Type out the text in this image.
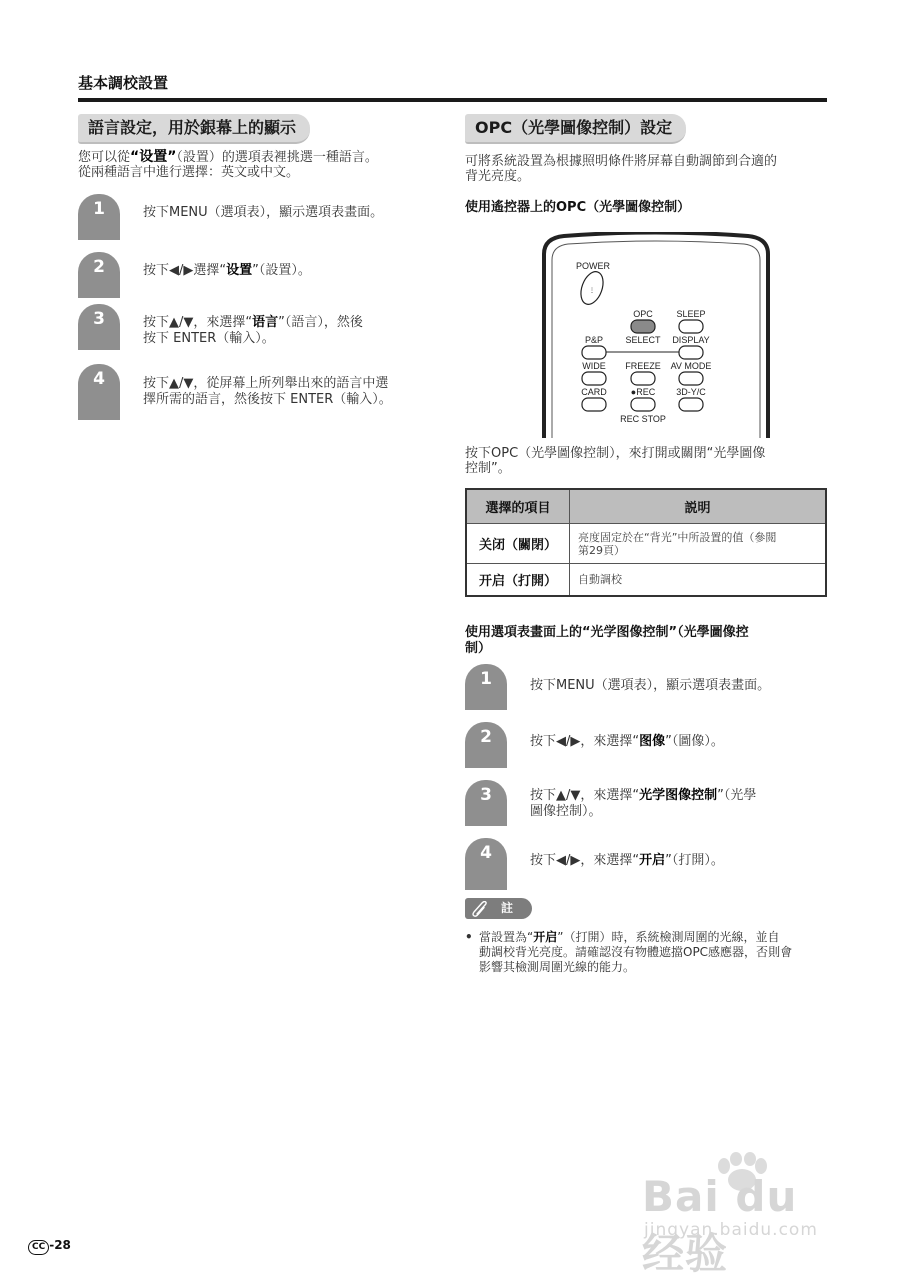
基本調校設置
語言設定，用於銀幕上的顯示
您可以從“设置”（設置）的選項表裡挑選一種語言。
從兩種語言中進行選擇：英文或中文。
1	按下MENU（選項表），顯示選項表畫面。
2	按下◀/▶選擇“设置”（設置）。
3	按下▲/▼，來選擇“语言”（語言），然後
按下 ENTER（輸入）。
4	按下▲/▼，從屏幕上所列舉出來的語言中選
擇所需的語言，然後按下 ENTER（輸入）。
OPC（光學圖像控制）設定
可將系統設置為根據照明條件將屏幕自動調節到合適的
背光亮度。
使用遙控器上的OPC（光學圖像控制）
POWER
⋮
OPC	SLEEP
P&P SELECT DISPLAY
WIDE FREEZE AV MODE
CARD	●REC 3D-Y/C
REC STOP
按下OPC（光學圖像控制），來打開或關閉“光學圖像
控制”。
選擇的項目	説明
关闭（關閉）	亮度固定於在“背光”中所設置的值（參閲
第29頁）

开启（打開）	自動調校
使用選項表畫面上的“光学图像控制”（光學圖像控
制）
1	按下MENU（選項表），顯示選項表畫面。
2	按下◀/▶，來選擇“图像”（圖像）。
3	按下▲/▼，來選擇“光学图像控制”（光學
圖像控制）。
4	按下◀/▶，來選擇“开启”（打開）。
註
• 當設置為“开启”（打開）時，系統檢測周圍的光線，並自
動調校背光亮度。請確認沒有物體遮擋OPC感應器，否則會
影響其檢測周圍光線的能力。
Bai du 经验
jingyan.baidu.com
CC -28
